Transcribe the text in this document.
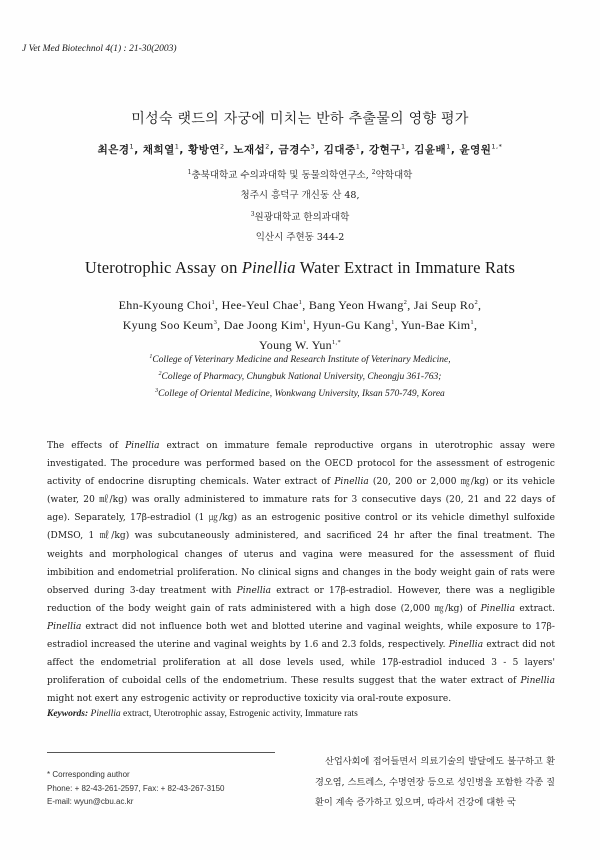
J Vet Med Biotechnol 4(1) : 21-30(2003)
미성숙 랫드의 자궁에 미치는 반하 추출물의 영향 평가
최은경$^1$, 채희열$^1$, 황방연$^2$, 노재섭$^2$, 금경수$^3$, 김대중$^1$, 강현구$^1$, 김윤배$^1$, 윤영원$^{1,*}$
$^1$충북대학교 수의과대학 및 동물의학연구소, $^2$약학대학
청주시 흥덕구 개신동 산 48,
$^3$원광대학교 한의과대학
익산시 주현동 344-2
Uterotrophic Assay on Pinellia Water Extract in Immature Rats
Ehn-Kyoung Choi$^1$, Hee-Yeul Chae$^1$, Bang Yeon Hwang$^2$, Jai Seup Ro$^2$,
Kyung Soo Keum$^3$, Dae Joong Kim$^1$, Hyun-Gu Kang$^1$, Yun-Bae Kim$^1$,
Young W. Yun$^{1,*}$
$^1$College of Veterinary Medicine and Research Institute of Veterinary Medicine,
$^2$College of Pharmacy, Chungbuk National University, Cheongju 361-763;
$^3$College of Oriental Medicine, Wonkwang University, Iksan 570-749, Korea
The effects of Pinellia extract on immature female reproductive organs in uterotrophic assay were investigated. The procedure was performed based on the OECD protocol for the assessment of estrogenic activity of endocrine disrupting chemicals. Water extract of Pinellia (20, 200 or 2,000 ㎎/kg) or its vehicle (water, 20 ㎖/kg) was orally administered to immature rats for 3 consecutive days (20, 21 and 22 days of age). Separately, 17β-estradiol (1 ㎍/kg) as an estrogenic positive control or its vehicle dimethyl sulfoxide (DMSO, 1 ㎖/kg) was subcutaneously administered, and sacrificed 24 hr after the final treatment. The weights and morphological changes of uterus and vagina were measured for the assessment of fluid imbibition and endometrial proliferation. No clinical signs and changes in the body weight gain of rats were observed during 3-day treatment with Pinellia extract or 17β-estradiol. However, there was a negligible reduction of the body weight gain of rats administered with a high dose (2,000 ㎎/kg) of Pinellia extract. Pinellia extract did not influence both wet and blotted uterine and vaginal weights, while exposure to 17β-estradiol increased the uterine and vaginal weights by 1.6 and 2.3 folds, respectively. Pinellia extract did not affect the endometrial proliferation at all dose levels used, while 17β-estradiol induced 3 - 5 layers' proliferation of cuboidal cells of the endometrium. These results suggest that the water extract of Pinellia might not exert any estrogenic activity or reproductive toxicity via oral-route exposure.
Keywords: Pinellia extract, Uterotrophic assay, Estrogenic activity, Immature rats
* Corresponding author
Phone: + 82-43-261-2597, Fax: + 82-43-267-3150
E-mail: wyun@cbu.ac.kr
산업사회에 접어들면서 의료기술의 발달에도 불구하고 환경오염, 스트레스, 수명연장 등으로 성인병을 포함한 각종 질환이 계속 증가하고 있으며, 따라서 건강에 대한 국
